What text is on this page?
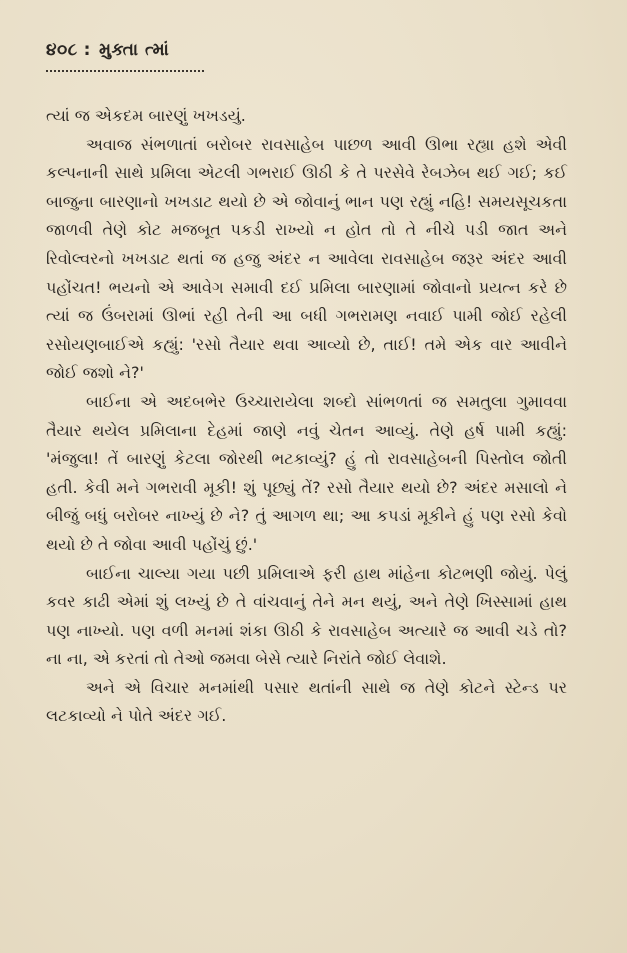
૪૦૮ : મુક્તા ત્માં

ત્યાં જ એકદમ બારણું ખખડયું.

અવાજ સંભળાતાં બરોબર રાવસાહેબ પાછળ આવી ઊભા રહ્યા હશે એવી કલ્પનાની સાથે પ્રમિલા એટલી ગભરાઈ ઊઠી કે તે પરસેવે રેબઝેબ થઈ ગઈ; કઈ બાજુના બારણાનો ખખડાટ થયો છે એ જોવાનું ભાન પણ રહ્યું નહિ! સમયસૂચકતા જાળવી તેણે કોટ મજબૂત પકડી રાખ્યો ન હોત તો તે નીચે પડી જાત અને રિવોલ્વરનો ખખડાટ થતાં જ હજુ અંદર ન આવેલા રાવસાહેબ જરૂર અંદર આવી પહોંચત! ભયનો એ આવેગ સમાવી દઈ પ્રમિલા બારણામાં જોવાનો પ્રયત્ન કરે છે ત્યાં જ ઉંબરામાં ઊભાં રહી તેની આ બધી ગભરામણ નવાઈ પામી જોઈ રહેલી રસોયણબાઈએ કહ્યું: 'રસો તૈયાર થવા આવ્યો છે, તાઈ! તમે એક વાર આવીને જોઈ જશો ને?'

બાઈના એ અદબભેર ઉચ્ચારાયેલા શબ્દો સાંભળતાં જ સમતુલા ગુમાવવા તૈયાર થયેલ પ્રમિલાના દેહમાં જાણે નવું ચેતન આવ્યું. તેણે હર્ષ પામી કહ્યું: 'મંજુલા! તેં બારણું કેટલા જોરથી ભટકાવ્યું? હું તો રાવસાહેબની પિસ્તોલ જોતી હતી. કેવી મને ગભરાવી મૂકી! શું પૂછ્યું તેં? રસો તૈયાર થયો છે? અંદર મસાલો ને બીજું બધું બરોબર નાખ્યું છે ને? તું આગળ થા; આ કપડાં મૂકીને હું પણ રસો કેવો થયો છે તે જોવા આવી પહોંચું છું.'

બાઈના ચાલ્યા ગયા પછી પ્રમિલાએ ફરી હાથ માંહેના કોટભણી જોયું. પેલું કવર કાઢી એમાં શું લખ્યું છે તે વાંચવાનું તેને મન થયું, અને તેણે ખિસ્સામાં હાથ પણ નાખ્યો. પણ વળી મનમાં શંકા ઊઠી કે રાવસાહેબ અત્યારે જ આવી ચડે તો? ના ના, એ કરતાં તો તેઓ જમવા બેસે ત્યારે નિરાંતે જોઈ લેવાશે.

અને એ વિચાર મનમાંથી પસાર થતાંની સાથે જ તેણે કોટને સ્ટેન્ડ પર લટકાવ્યો ને પોતે અંદર ગઈ.
